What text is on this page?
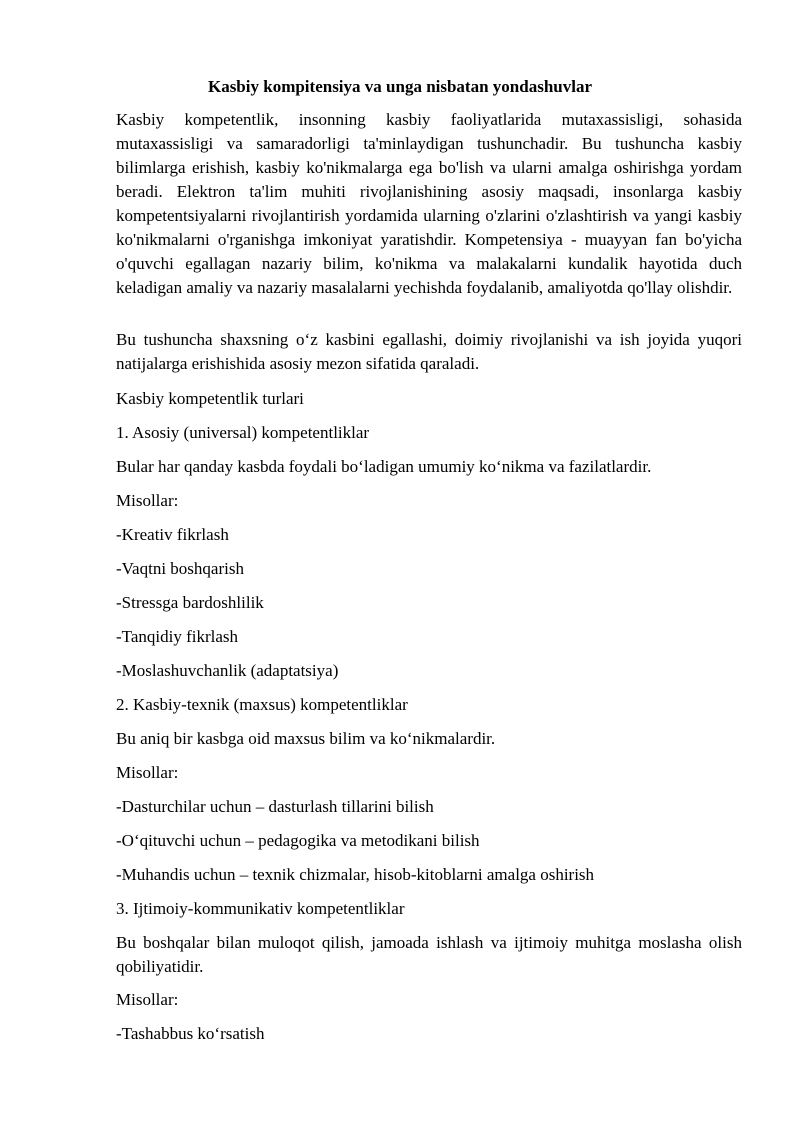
Kasbiy kompitensiya va unga nisbatan yondashuvlar
Kasbiy kompetentlik, insonning kasbiy faoliyatlarida mutaxassisligi, sohasida mutaxassisligi va samaradorligi ta'minlaydigan tushunchadir. Bu tushuncha kasbiy bilimlarga erishish, kasbiy ko'nikmalarga ega bo'lish va ularni amalga oshirishga yordam beradi. Elektron ta'lim muhiti rivojlanishining asosiy maqsadi, insonlarga kasbiy kompetentsiyalarni rivojlantirish yordamida ularning o'zlarini o'zlashtirish va yangi kasbiy ko'nikmalarni o'rganishga imkoniyat yaratishdir. Kompetensiya - muayyan fan bo'yicha o'quvchi egallagan nazariy bilim, ko'nikma va malakalarni kundalik hayotida duch keladigan amaliy va nazariy masalalarni yechishda foydalanib, amaliyotda qo'llay olishdir.
Bu tushuncha shaxsning o‘z kasbini egallashi, doimiy rivojlanishi va ish joyida yuqori natijalarga erishishida asosiy mezon sifatida qaraladi.
Kasbiy kompetentlik turlari
1. Asosiy (universal) kompetentliklar
Bular har qanday kasbda foydali bo‘ladigan umumiy ko‘nikma va fazilatlardir.
Misollar:
-Kreativ fikrlash
-Vaqtni boshqarish
-Stressga bardoshlilik
-Tanqidiy fikrlash
-Moslashuvchanlik (adaptatsiya)
2. Kasbiy-texnik (maxsus) kompetentliklar
Bu aniq bir kasbga oid maxsus bilim va ko‘nikmalardir.
Misollar:
-Dasturchilar uchun – dasturlash tillarini bilish
-O‘qituvchi uchun – pedagogika va metodikani bilish
-Muhandis uchun – texnik chizmalar, hisob-kitoblarni amalga oshirish
3. Ijtimoiy-kommunikativ kompetentliklar
Bu boshqalar bilan muloqot qilish, jamoada ishlash va ijtimoiy muhitga moslasha olish qobiliyatidir.
Misollar:
-Tashabbus ko‘rsatish
